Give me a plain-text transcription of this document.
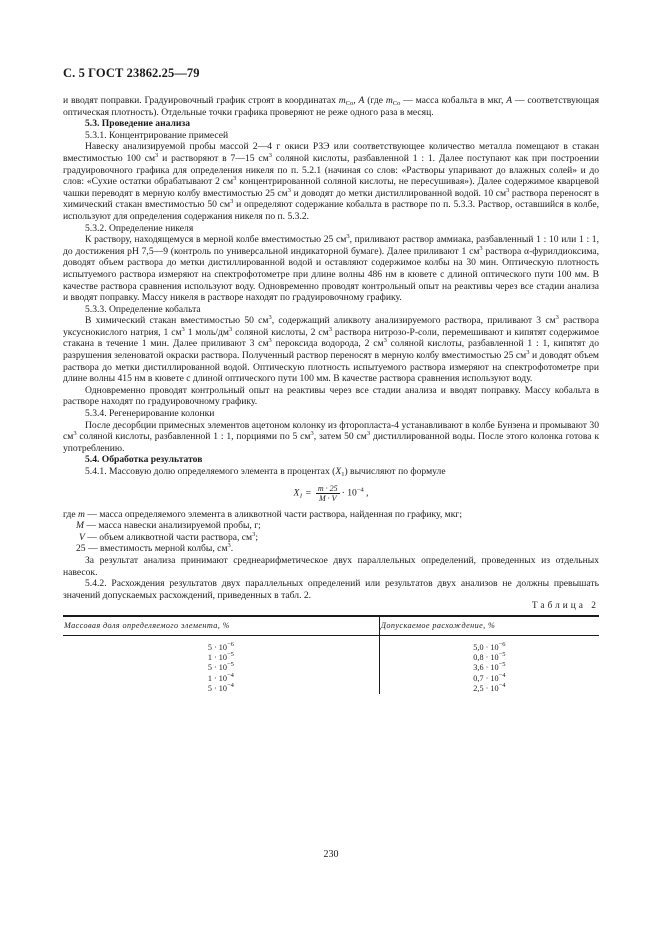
С. 5 ГОСТ 23862.25—79

и вводят поправки. Градуировочный график строят в координатах $m_{Co}$, A (где $m_{Co}$ — масса кобальта в мкг, A — соответствующая оптическая плотность). Отдельные точки графика проверяют не реже одного раза в месяц.

5.3. Проведение анализа

5.3.1. Концентрирование примесей

Навеску анализируемой пробы массой 2—4 г окиси РЗЭ или соответствующее количество металла помещают в стакан вместимостью 100 $см^3$ и растворяют в 7—15 $см^3$ соляной кислоты, разбавленной 1 : 1. Далее поступают как при построении градуировочного графика для определения никеля по п. 5.2.1 (начиная со слов: «Растворы упаривают до влажных солей» и до слов: «Сухие остатки обрабатывают 2 $см^3$ концентрированной соляной кислоты, не пересушивая»). Далее содержимое кварцевой чашки переводят в мерную колбу вместимостью 25 $см^3$ и доводят до метки дистиллированной водой. 10 $см^3$ раствора переносят в химический стакан вместимостью 50 $см^3$ и определяют содержание кобальта в растворе по п. 5.3.3. Раствор, оставшийся в колбе, используют для определения содержания никеля по п. 5.3.2.

5.3.2. Определение никеля

К раствору, находящемуся в мерной колбе вместимостью 25 $см^3$, приливают раствор аммиака, разбавленный 1 : 10 или 1 : 1, до достижения pH 7,5—9 (контроль по универсальной индикаторной бумаге). Далее приливают 1 $см^3$ раствора α-фурилдиоксима, доводят объем раствора до метки дистиллированной водой и оставляют содержимое колбы на 30 мин. Оптическую плотность испытуемого раствора измеряют на спектрофотометре при длине волны 486 нм в кювете с длиной оптического пути 100 мм. В качестве раствора сравнения используют воду. Одновременно проводят контрольный опыт на реактивы через все стадии анализа и вводят поправку. Массу никеля в растворе находят по градуировочному графику.

5.3.3. Определение кобальта

В химический стакан вместимостью 50 $см^3$, содержащий аликвоту анализируемого раствора, приливают 3 $см^3$ раствора уксуснокислого натрия, 1 $см^3$ 1 моль/$дм^3$ соляной кислоты, 2 $см^3$ раствора нитрозо-Р-соли, перемешивают и кипятят содержимое стакана в течение 1 мин. Далее приливают 3 $см^3$ пероксида водорода, 2 $см^3$ соляной кислоты, разбавленной 1 : 1, кипятят до разрушения зеленоватой окраски раствора. Полученный раствор переносят в мерную колбу вместимостью 25 $см^3$ и доводят объем раствора до метки дистиллированной водой. Оптическую плотность испытуемого раствора измеряют на спектрофотометре при длине волны 415 нм в кювете с длиной оптического пути 100 мм. В качестве раствора сравнения используют воду.

Одновременно проводят контрольный опыт на реактивы через все стадии анализа и вводят поправку. Массу кобальта в растворе находят по градуировочному графику.

5.3.4. Регенерирование колонки

После десорбции примесных элементов ацетоном колонку из фторопласта-4 устанавливают в колбе Бунзена и промывают 30 $см^3$ соляной кислоты, разбавленной 1 : 1, порциями по 5 $см^3$, затем 50 $см^3$ дистиллированной воды. После этого колонка готова к употреблению.

5.4. Обработка результатов

5.4.1. Массовую долю определяемого элемента в процентах $(X_1)$ вычисляют по формуле

$X_1 = \frac{m \cdot 25}{M \cdot V} \cdot 10^{-4}$ ,

где m — масса определяемого элемента в аликвотной части раствора, найденная по графику, мкг;

M — масса навески анализируемой пробы, г;

V — объем аликвотной части раствора, $см^3$;

25 — вместимость мерной колбы, $см^3$.

За результат анализа принимают среднеарифметическое двух параллельных определений, проведенных из отдельных навесок.

5.4.2. Расхождения результатов двух параллельных определений или результатов двух анализов не должны превышать значений допускаемых расхождений, приведенных в табл. 2.

Таблица 2
Массовая доля определяемого элемента, %	Допускаемое расхождение, %
$5 \cdot 10^{-6}$	$5,0 \cdot 10^{-6}$
$1 \cdot 10^{-5}$	$0,8 \cdot 10^{-5}$
$5 \cdot 10^{-5}$	$3,6 \cdot 10^{-5}$
$1 \cdot 10^{-4}$	$0,7 \cdot 10^{-4}$
$5 \cdot 10^{-4}$	$2,5 \cdot 10^{-4}$
230
